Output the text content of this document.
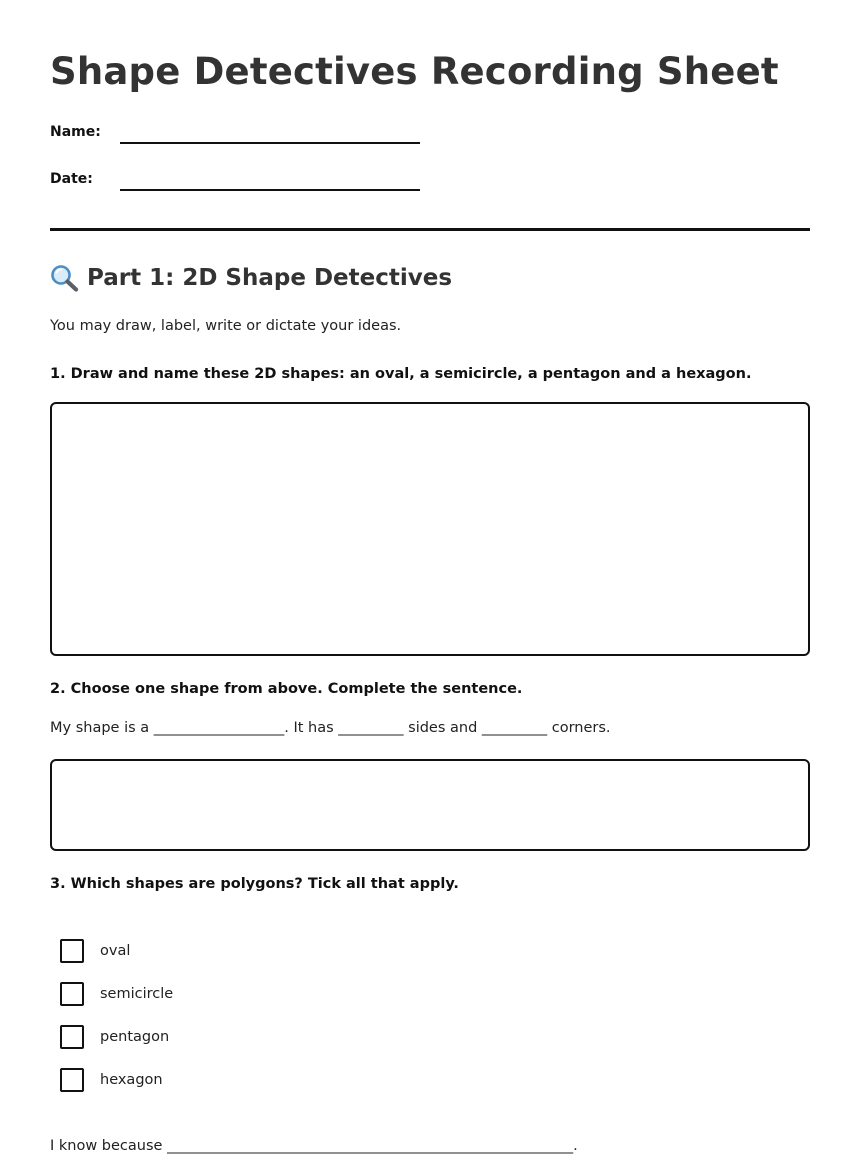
Shape Detectives Recording Sheet
Name:
Date:
Part 1: 2D Shape Detectives
You may draw, label, write or dictate your ideas.
1. Draw and name these 2D shapes: an oval, a semicircle, a pentagon and a hexagon.
2. Choose one shape from above. Complete the sentence.
My shape is a __________________. It has _________ sides and _________ corners.
3. Which shapes are polygons? Tick all that apply.
oval
semicircle
pentagon
hexagon
I know because ________________________________________________________.
